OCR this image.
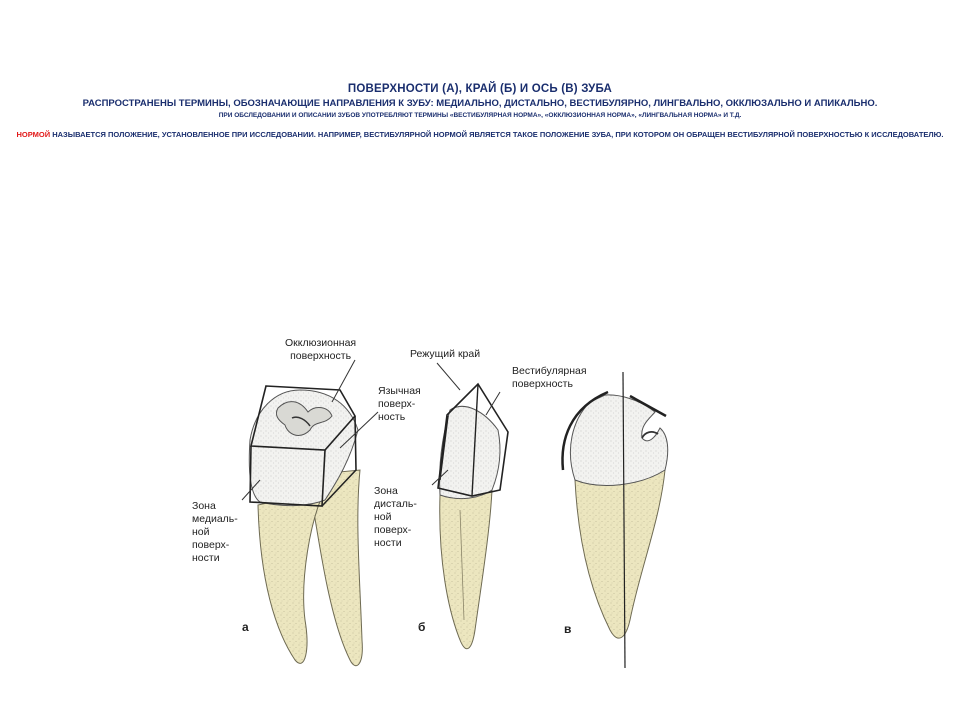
ПОВЕРХНОСТИ (А), КРАЙ (Б) И ОСЬ (В) ЗУБА

РАСПРОСТРАНЕНЫ ТЕРМИНЫ, ОБОЗНАЧАЮЩИЕ НАПРАВЛЕНИЯ К ЗУБУ: МЕДИАЛЬНО, ДИСТАЛЬНО, ВЕСТИБУЛЯРНО, ЛИНГВАЛЬНО, ОККЛЮЗАЛЬНО И АПИКАЛЬНО.

ПРИ ОБСЛЕДОВАНИИ И ОПИСАНИИ ЗУБОВ УПОТРЕБЛЯЮТ ТЕРМИНЫ «ВЕСТИБУЛЯРНАЯ НОРМА», «ОККЛЮЗИОННАЯ НОРМА», «ЛИНГВАЛЬНАЯ НОРМА» И Т.Д.

НОРМОЙ НАЗЫВАЕТСЯ ПОЛОЖЕНИЕ, УСТАНОВЛЕННОЕ ПРИ ИССЛЕДОВАНИИ. НАПРИМЕР, ВЕСТИБУЛЯРНОЙ НОРМОЙ ЯВЛЯЕТСЯ ТАКОЕ ПОЛОЖЕНИЕ ЗУБА, ПРИ КОТОРОМ ОН ОБРАЩЕН ВЕСТИБУЛЯРНОЙ ПОВЕРХНОСТЬЮ К ИССЛЕДОВАТЕЛЮ.

Окклюзионная
поверхность
Язычная
поверх-
ность
Зона
медиаль-
ной
поверх-
ности
Режущий край
Вестибулярная
поверхность
Зона
дисталь-
ной
поверх-
ности
а	б	в
